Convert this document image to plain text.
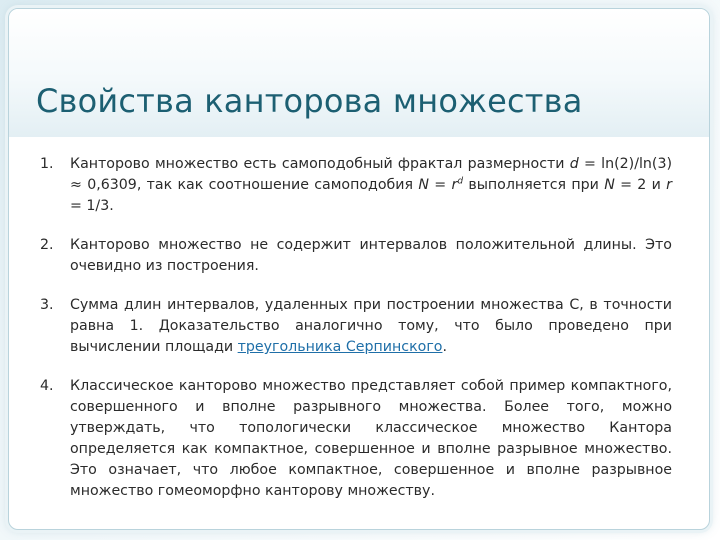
Свойства канторова множества
1. Канторово множество есть самоподобный фрактал размерности d = ln(2)/ln(3) ≈ 0,6309, так как соотношение самоподобия $N = r^d$ выполняется при N = 2 и r = 1/3.
2. Канторово множество не содержит интервалов положительной длины. Это очевидно из построения.
3. Сумма длин интервалов, удаленных при построении множества C, в точности равна 1. Доказательство аналогично тому, что было проведено при вычислении площади треугольника Серпинского.
4. Классическое канторово множество представляет собой пример компактного, совершенного и вполне разрывного множества. Более того, можно утверждать, что топологически классическое множество Кантора определяется как компактное, совершенное и вполне разрывное множество. Это означает, что любое компактное, совершенное и вполне разрывное множество гомеоморфно канторову множеству.
